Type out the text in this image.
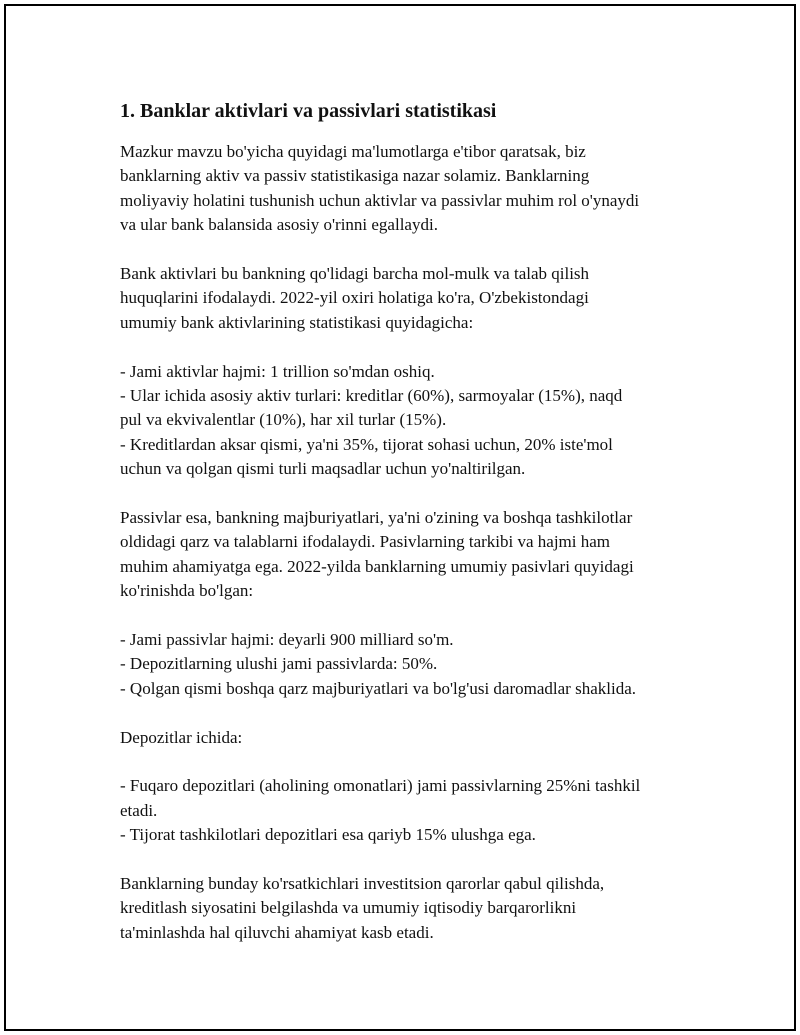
1. Banklar aktivlari va passivlari statistikasi

Mazkur mavzu bo'yicha quyidagi ma'lumotlarga e'tibor qaratsak, biz
banklarning aktiv va passiv statistikasiga nazar solamiz. Banklarning
moliyaviy holatini tushunish uchun aktivlar va passivlar muhim rol o'ynaydi
va ular bank balansida asosiy o'rinni egallaydi.

Bank aktivlari bu bankning qo'lidagi barcha mol-mulk va talab qilish
huquqlarini ifodalaydi. 2022-yil oxiri holatiga ko'ra, O'zbekistondagi
umumiy bank aktivlarining statistikasi quyidagicha:

- Jami aktivlar hajmi: 1 trillion so'mdan oshiq.
- Ular ichida asosiy aktiv turlari: kreditlar (60%), sarmoyalar (15%), naqd
pul va ekvivalentlar (10%), har xil turlar (15%).
- Kreditlardan aksar qismi, ya'ni 35%, tijorat sohasi uchun, 20% iste'mol
uchun va qolgan qismi turli maqsadlar uchun yo'naltirilgan.

Passivlar esa, bankning majburiyatlari, ya'ni o'zining va boshqa tashkilotlar
oldidagi qarz va talablarni ifodalaydi. Pasivlarning tarkibi va hajmi ham
muhim ahamiyatga ega. 2022-yilda banklarning umumiy pasivlari quyidagi
ko'rinishda bo'lgan:

- Jami passivlar hajmi: deyarli 900 milliard so'm.
- Depozitlarning ulushi jami passivlarda: 50%.
- Qolgan qismi boshqa qarz majburiyatlari va bo'lg'usi daromadlar shaklida.

Depozitlar ichida:

- Fuqaro depozitlari (aholining omonatlari) jami passivlarning 25%ni tashkil
etadi.
- Tijorat tashkilotlari depozitlari esa qariyb 15% ulushga ega.

Banklarning bunday ko'rsatkichlari investitsion qarorlar qabul qilishda,
kreditlash siyosatini belgilashda va umumiy iqtisodiy barqarorlikni
ta'minlashda hal qiluvchi ahamiyat kasb etadi.
